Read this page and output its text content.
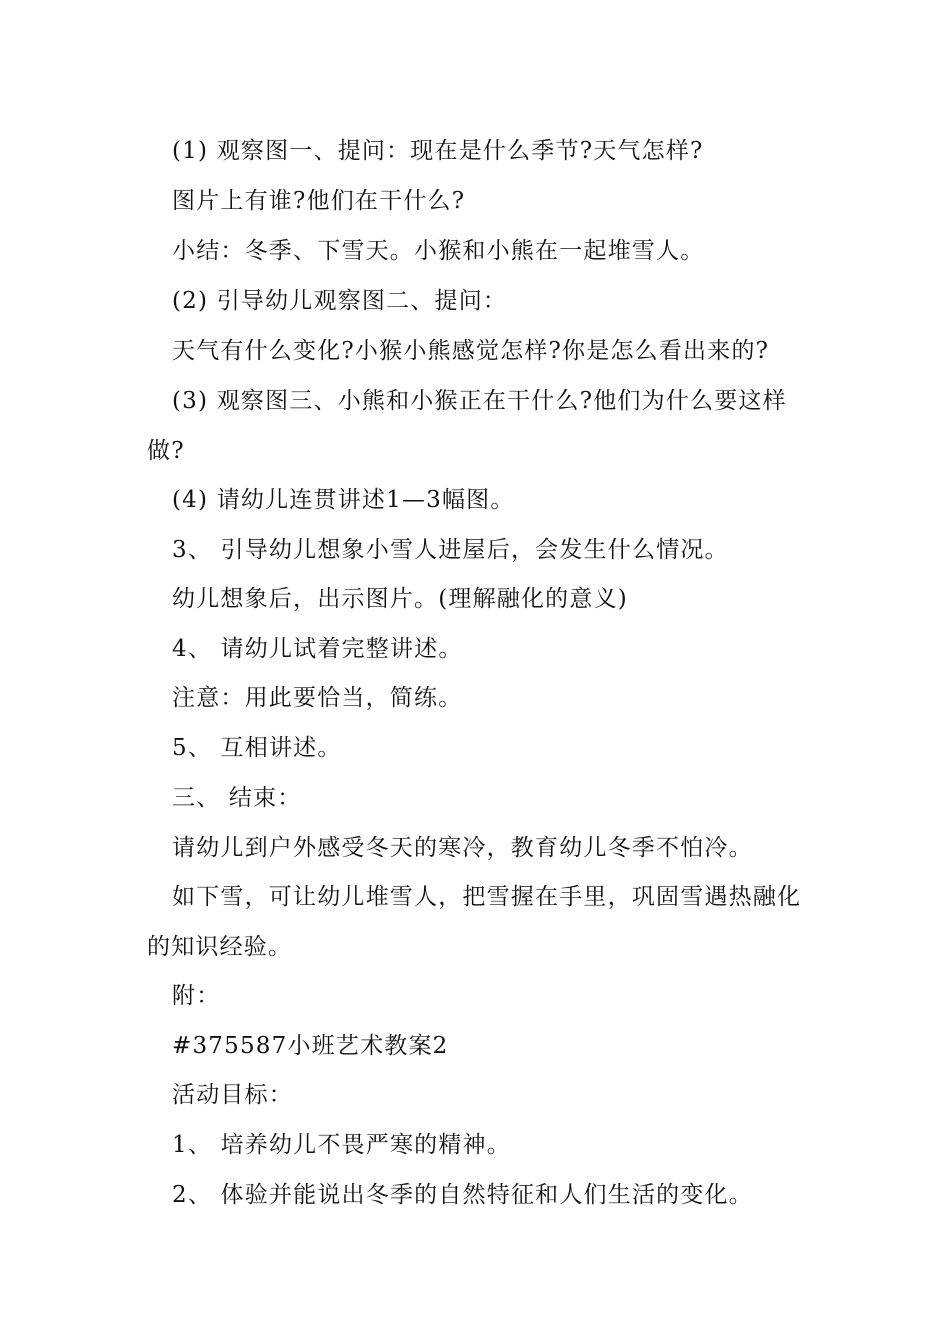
(1) 观察图一、提问：现在是什么季节?天气怎样?

图片上有谁?他们在干什么?

小结：冬季、下雪天。小猴和小熊在一起堆雪人。

(2) 引导幼儿观察图二、提问：

天气有什么变化?小猴小熊感觉怎样?你是怎么看出来的?

(3) 观察图三、小熊和小猴正在干什么?他们为什么要这样做?

(4) 请幼儿连贯讲述1—3幅图。

3、 引导幼儿想象小雪人进屋后，会发生什么情况。

幼儿想象后，出示图片。(理解融化的意义)

4、 请幼儿试着完整讲述。

注意：用此要恰当，简练。

5、 互相讲述。

三、 结束：

请幼儿到户外感受冬天的寒冷，教育幼儿冬季不怕冷。

如下雪，可让幼儿堆雪人，把雪握在手里，巩固雪遇热融化的知识经验。

附：

#375587小班艺术教案2

活动目标：

1、 培养幼儿不畏严寒的精神。

2、 体验并能说出冬季的自然特征和人们生活的变化。
